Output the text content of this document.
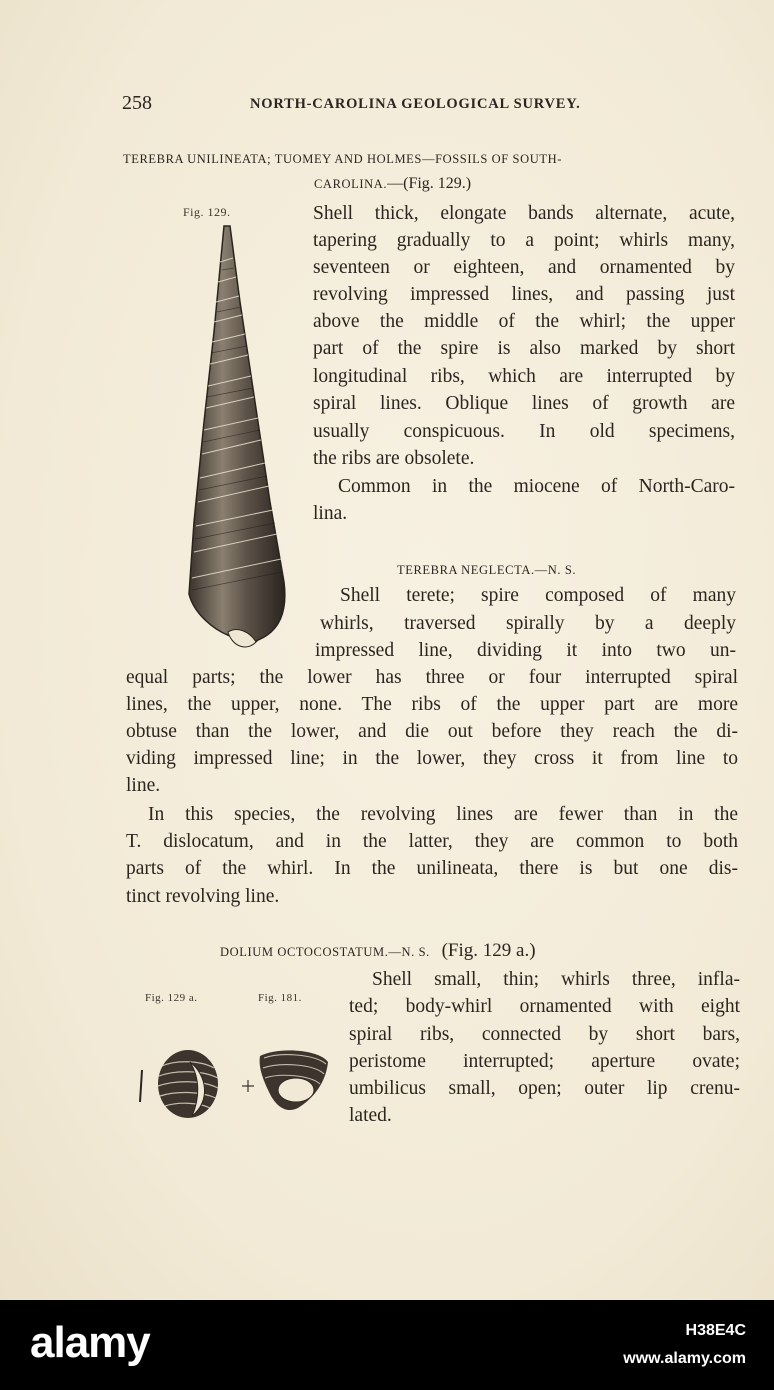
258	NORTH-CAROLINA GEOLOGICAL SURVEY.
TEREBRA UNILINEATA; TUOMEY AND HOLMES—FOSSILS OF SOUTH-
CAROLINA.—(Fig. 129.)
Fig. 129.	Shell thick, elongate bands alternate, acute,
tapering gradually to a point; whirls many,
seventeen or eighteen, and ornamented by
revolving impressed lines, and passing just
above the middle of the whirl; the upper
part of the spire is also marked by short
longitudinal ribs, which are interrupted by
spiral lines. Oblique lines of growth are
usually conspicuous. In old specimens,
the ribs are obsolete.
Common in the miocene of North-Caro-
lina.
TEREBRA NEGLECTA.—N. S.
Shell terete; spire composed of many
whirls, traversed spirally by a deeply
impressed line, dividing it into two un-
equal parts; the lower has three or four interrupted spiral
lines, the upper, none. The ribs of the upper part are more
obtuse than the lower, and die out before they reach the di-
viding impressed line; in the lower, they cross it from line to
line.
In this species, the revolving lines are fewer than in the
T. dislocatum, and in the latter, they are common to both
parts of the whirl. In the unilineata, there is but one dis-
tinct revolving line.
DOLIUM OCTOCOSTATUM.—N. S. (Fig. 129 a.)
Fig. 129 a.	Fig. 181.
Shell small, thin; whirls three, infla-
ted; body-whirl ornamented with eight
spiral ribs, connected by short bars,
peristome interrupted; aperture ovate;
umbilicus small, open; outer lip crenu-
lated.
alamy	H38E4C
www.alamy.com
